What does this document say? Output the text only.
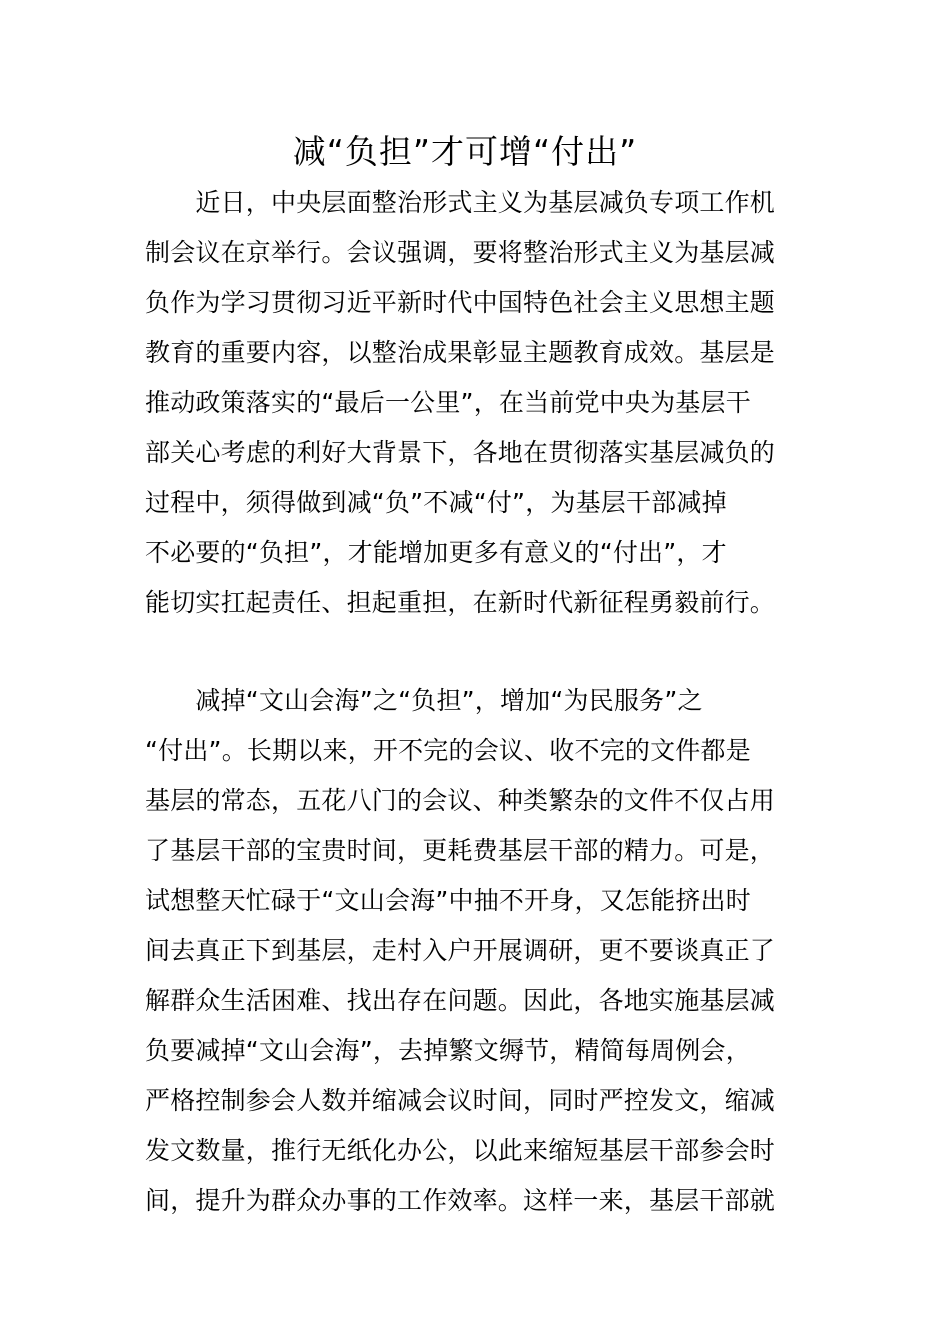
减“负担”才可增“付出”
　　近日，中央层面整治形式主义为基层减负专项工作机
制会议在京举行。会议强调，要将整治形式主义为基层减
负作为学习贯彻习近平新时代中国特色社会主义思想主题
教育的重要内容，以整治成果彰显主题教育成效。基层是
推动政策落实的“最后一公里”，在当前党中央为基层干
部关心考虑的利好大背景下，各地在贯彻落实基层减负的
过程中，须得做到减“负”不减“付”，为基层干部减掉
不必要的“负担”，才能增加更多有意义的“付出”，才
能切实扛起责任、担起重担，在新时代新征程勇毅前行。
　　减掉“文山会海”之“负担”，增加“为民服务”之
“付出”。长期以来，开不完的会议、收不完的文件都是
基层的常态，五花八门的会议、种类繁杂的文件不仅占用
了基层干部的宝贵时间，更耗费基层干部的精力。可是，
试想整天忙碌于“文山会海”中抽不开身，又怎能挤出时
间去真正下到基层，走村入户开展调研，更不要谈真正了
解群众生活困难、找出存在问题。因此，各地实施基层减
负要减掉“文山会海”，去掉繁文缛节，精简每周例会，
严格控制参会人数并缩减会议时间，同时严控发文，缩减
发文数量，推行无纸化办公，以此来缩短基层干部参会时
间，提升为群众办事的工作效率。这样一来，基层干部就
